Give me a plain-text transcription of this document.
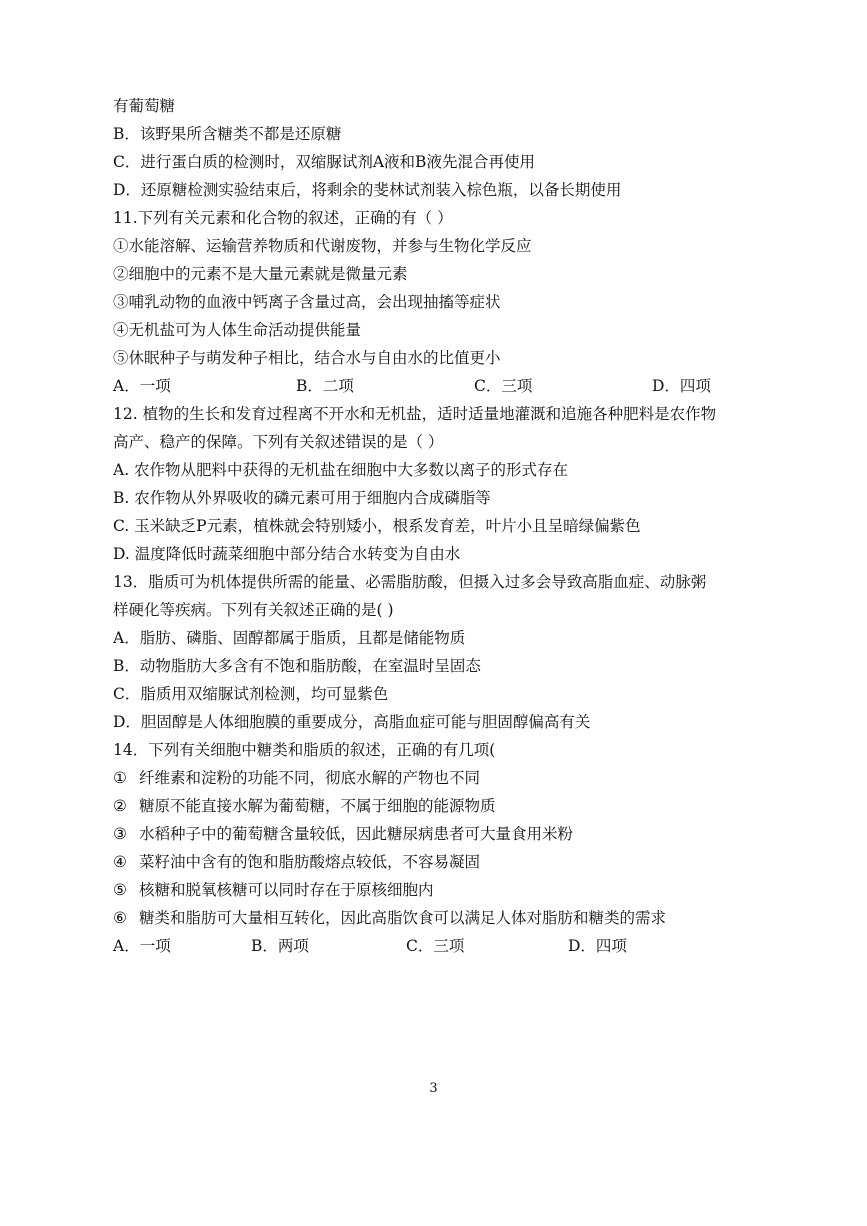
有葡萄糖
B．该野果所含糖类不都是还原糖
C．进行蛋白质的检测时，双缩脲试剂A液和B液先混合再使用
D．还原糖检测实验结束后，将剩余的斐林试剂装入棕色瓶，以备长期使用
11.下列有关元素和化合物的叙述，正确的有（ ）
①水能溶解、运输营养物质和代谢废物，并参与生物化学反应
②细胞中的元素不是大量元素就是微量元素
③哺乳动物的血液中钙离子含量过高，会出现抽搐等症状
④无机盐可为人体生命活动提供能量
⑤休眠种子与萌发种子相比，结合水与自由水的比值更小
A．一项	B．二项	C．三项	D．四项
12. 植物的生长和发育过程离不开水和无机盐，适时适量地灌溉和追施各种肥料是农作物
高产、稳产的保障。下列有关叙述错误的是（ ）
A. 农作物从肥料中获得的无机盐在细胞中大多数以离子的形式存在
B. 农作物从外界吸收的磷元素可用于细胞内合成磷脂等
C. 玉米缺乏P元素，植株就会特别矮小，根系发育差，叶片小且呈暗绿偏紫色
D. 温度降低时蔬菜细胞中部分结合水转变为自由水
13．脂质可为机体提供所需的能量、必需脂肪酸，但摄入过多会导致高脂血症、动脉粥
样硬化等疾病。下列有关叙述正确的是( )
A．脂肪、磷脂、固醇都属于脂质，且都是储能物质
B．动物脂肪大多含有不饱和脂肪酸，在室温时呈固态
C．脂质用双缩脲试剂检测，均可显紫色
D．胆固醇是人体细胞膜的重要成分，高脂血症可能与胆固醇偏高有关
14．下列有关细胞中糖类和脂质的叙述，正确的有几项(
① 纤维素和淀粉的功能不同，彻底水解的产物也不同
② 糖原不能直接水解为葡萄糖，不属于细胞的能源物质
③ 水稻种子中的葡萄糖含量较低，因此糖尿病患者可大量食用米粉
④ 菜籽油中含有的饱和脂肪酸熔点较低，不容易凝固
⑤ 核糖和脱氧核糖可以同时存在于原核细胞内
⑥ 糖类和脂肪可大量相互转化，因此高脂饮食可以满足人体对脂肪和糖类的需求
A．一项	B．两项	C．三项	D．四项
3
